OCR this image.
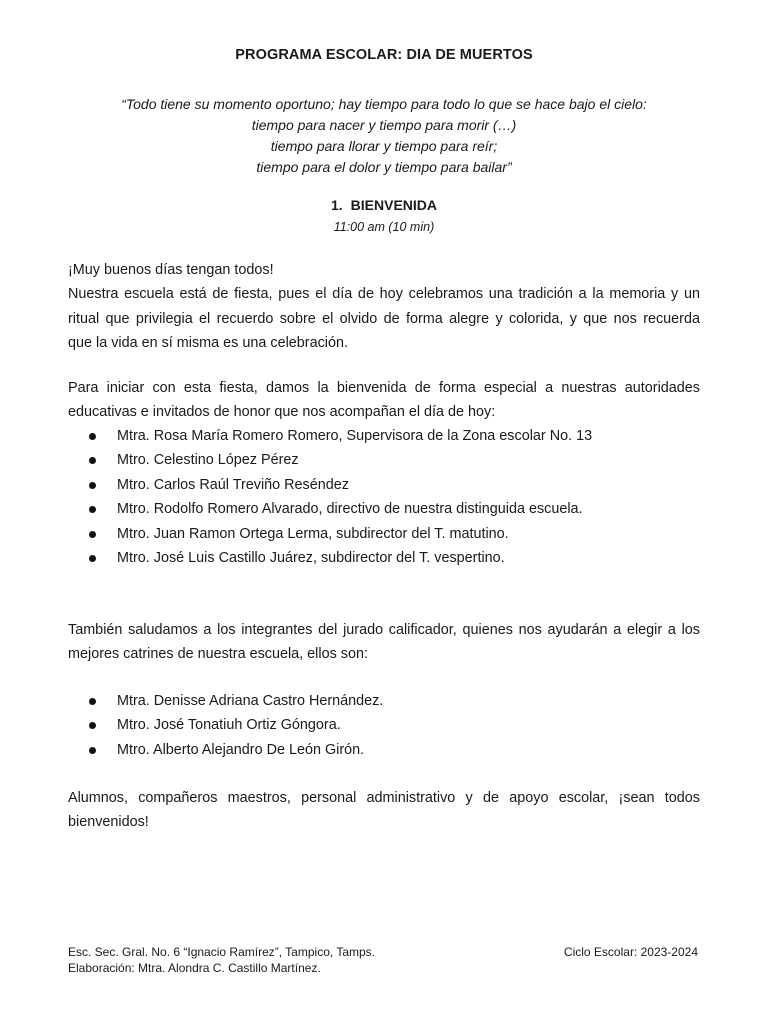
PROGRAMA ESCOLAR: DIA DE MUERTOS
“Todo tiene su momento oportuno; hay tiempo para todo lo que se hace bajo el cielo:
tiempo para nacer y tiempo para morir (…)
tiempo para llorar y tiempo para reír;
tiempo para el dolor y tiempo para bailar”
1. BIENVENIDA
11:00 am (10 min)
¡Muy buenos días tengan todos!
Nuestra escuela está de fiesta, pues el día de hoy celebramos una tradición a la memoria y un
ritual que privilegia el recuerdo sobre el olvido de forma alegre y colorida, y que nos recuerda
que la vida en sí misma es una celebración.
Para iniciar con esta fiesta, damos la bienvenida de forma especial a nuestras autoridades
educativas e invitados de honor que nos acompañan el día de hoy:
Mtra. Rosa María Romero Romero, Supervisora de la Zona escolar No. 13
Mtro. Celestino López Pérez
Mtro. Carlos Raúl Treviño Reséndez
Mtro. Rodolfo Romero Alvarado, directivo de nuestra distinguida escuela.
Mtro. Juan Ramon Ortega Lerma, subdirector del T. matutino.
Mtro. José Luis Castillo Juárez, subdirector del T. vespertino.
También saludamos a los integrantes del jurado calificador, quienes nos ayudarán a elegir a los
mejores catrines de nuestra escuela, ellos son:
Mtra. Denisse Adriana Castro Hernández.
Mtro. José Tonatiuh Ortiz Góngora.
Mtro. Alberto Alejandro De León Girón.
Alumnos, compañeros maestros, personal administrativo y de apoyo escolar, ¡sean todos
bienvenidos!
Esc. Sec. Gral. No. 6 “Ignacio Ramírez”, Tampico, Tamps.
Elaboración: Mtra. Alondra C. Castillo Martínez.
Ciclo Escolar: 2023-2024
